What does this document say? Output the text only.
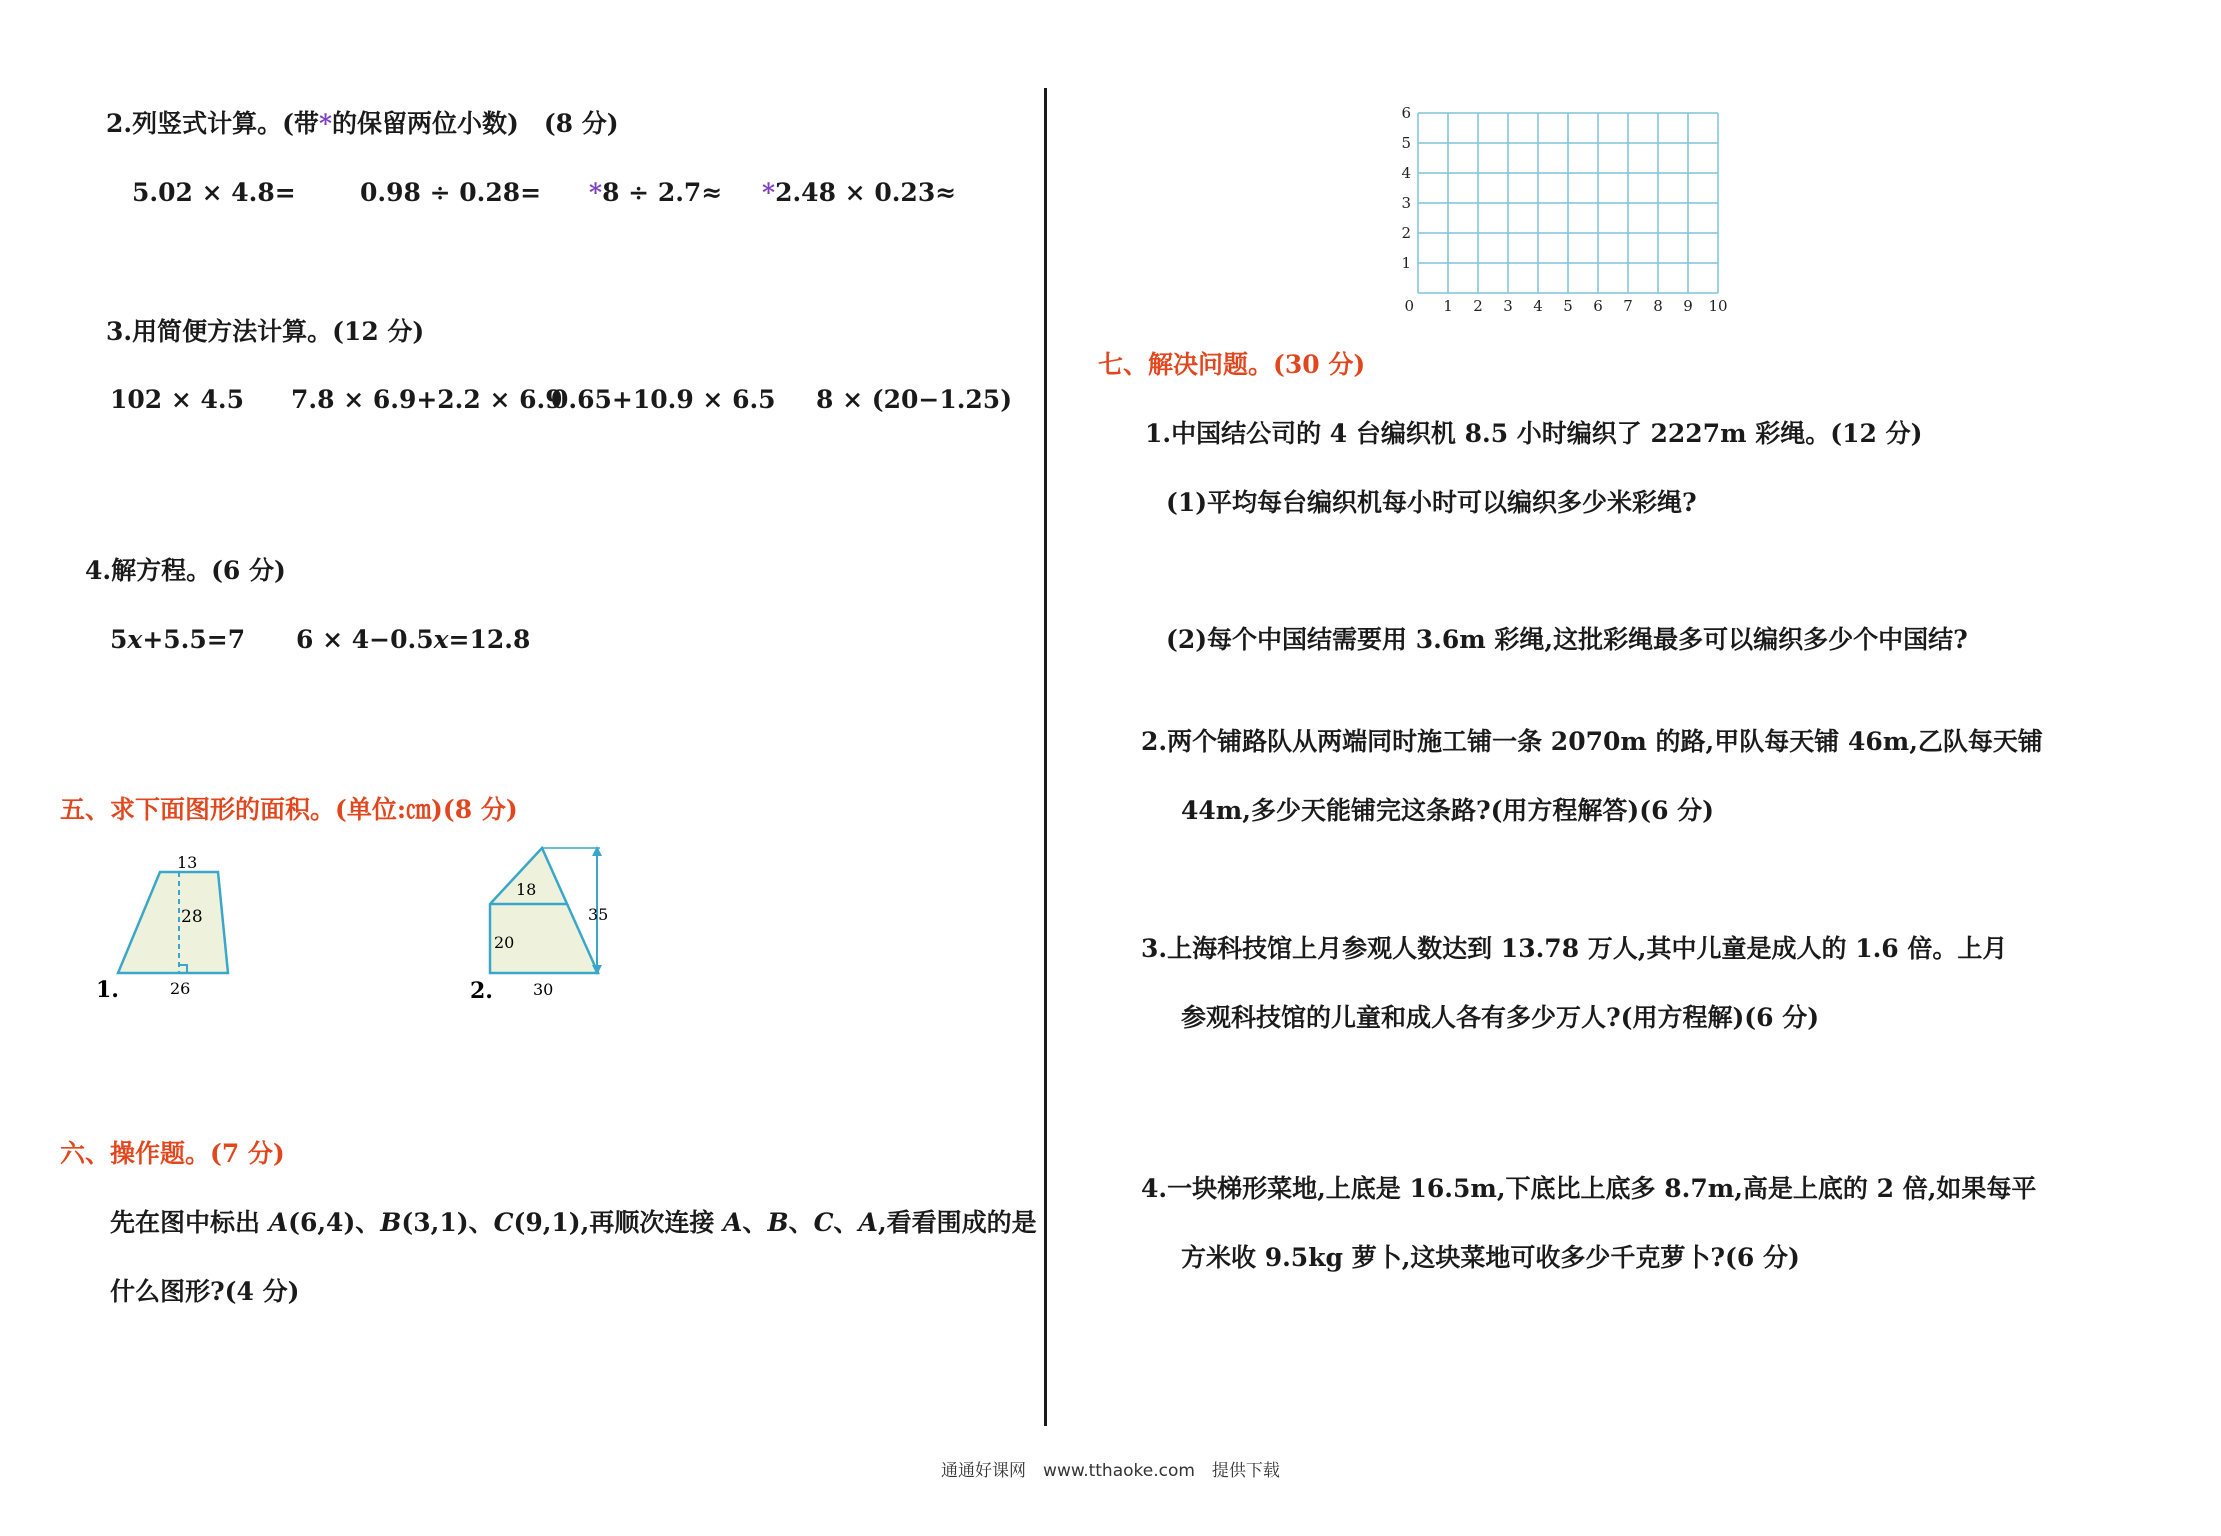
2.列竖式计算。(带*的保留两位小数)　(8 分)
5.02 × 4.8=	0.98 ÷ 0.28= *8 ÷ 2.7≈ *2.48 × 0.23≈
3.用简便方法计算。(12 分)
102 × 4.5 7.8 × 6.9+2.2 × 6.9
0.65+10.9 × 6.5 8 × (20−1.25)
4.解方程。(6 分)
5x+5.5=7 6 × 4−0.5x=12.8
五、求下面图形的面积。(单位:㎝)(8 分)
13
28
26
1.
18
20
35
30
2.
六、操作题。(7 分)
先在图中标出 A(6,4)、B(3,1)、C(9,1),再顺次连接 A、B、C、A,看看围成的是
什么图形?(4 分)
0 1 2 3 4 5 6 7 8 9 10
1
2
3
4
5
6
七、解决问题。(30 分)
1.中国结公司的 4 台编织机 8.5 小时编织了 2227m 彩绳。(12 分)
(1)平均每台编织机每小时可以编织多少米彩绳?
(2)每个中国结需要用 3.6m 彩绳,这批彩绳最多可以编织多少个中国结?
2.两个铺路队从两端同时施工铺一条 2070m 的路,甲队每天铺 46m,乙队每天铺
44m,多少天能铺完这条路?(用方程解答)(6 分)
3.上海科技馆上月参观人数达到 13.78 万人,其中儿童是成人的 1.6 倍。上月
参观科技馆的儿童和成人各有多少万人?(用方程解)(6 分)
4.一块梯形菜地,上底是 16.5m,下底比上底多 8.7m,高是上底的 2 倍,如果每平
方米收 9.5kg 萝卜,这块菜地可收多少千克萝卜?(6 分)
通通好课网　www.tthaoke.com　提供下载
